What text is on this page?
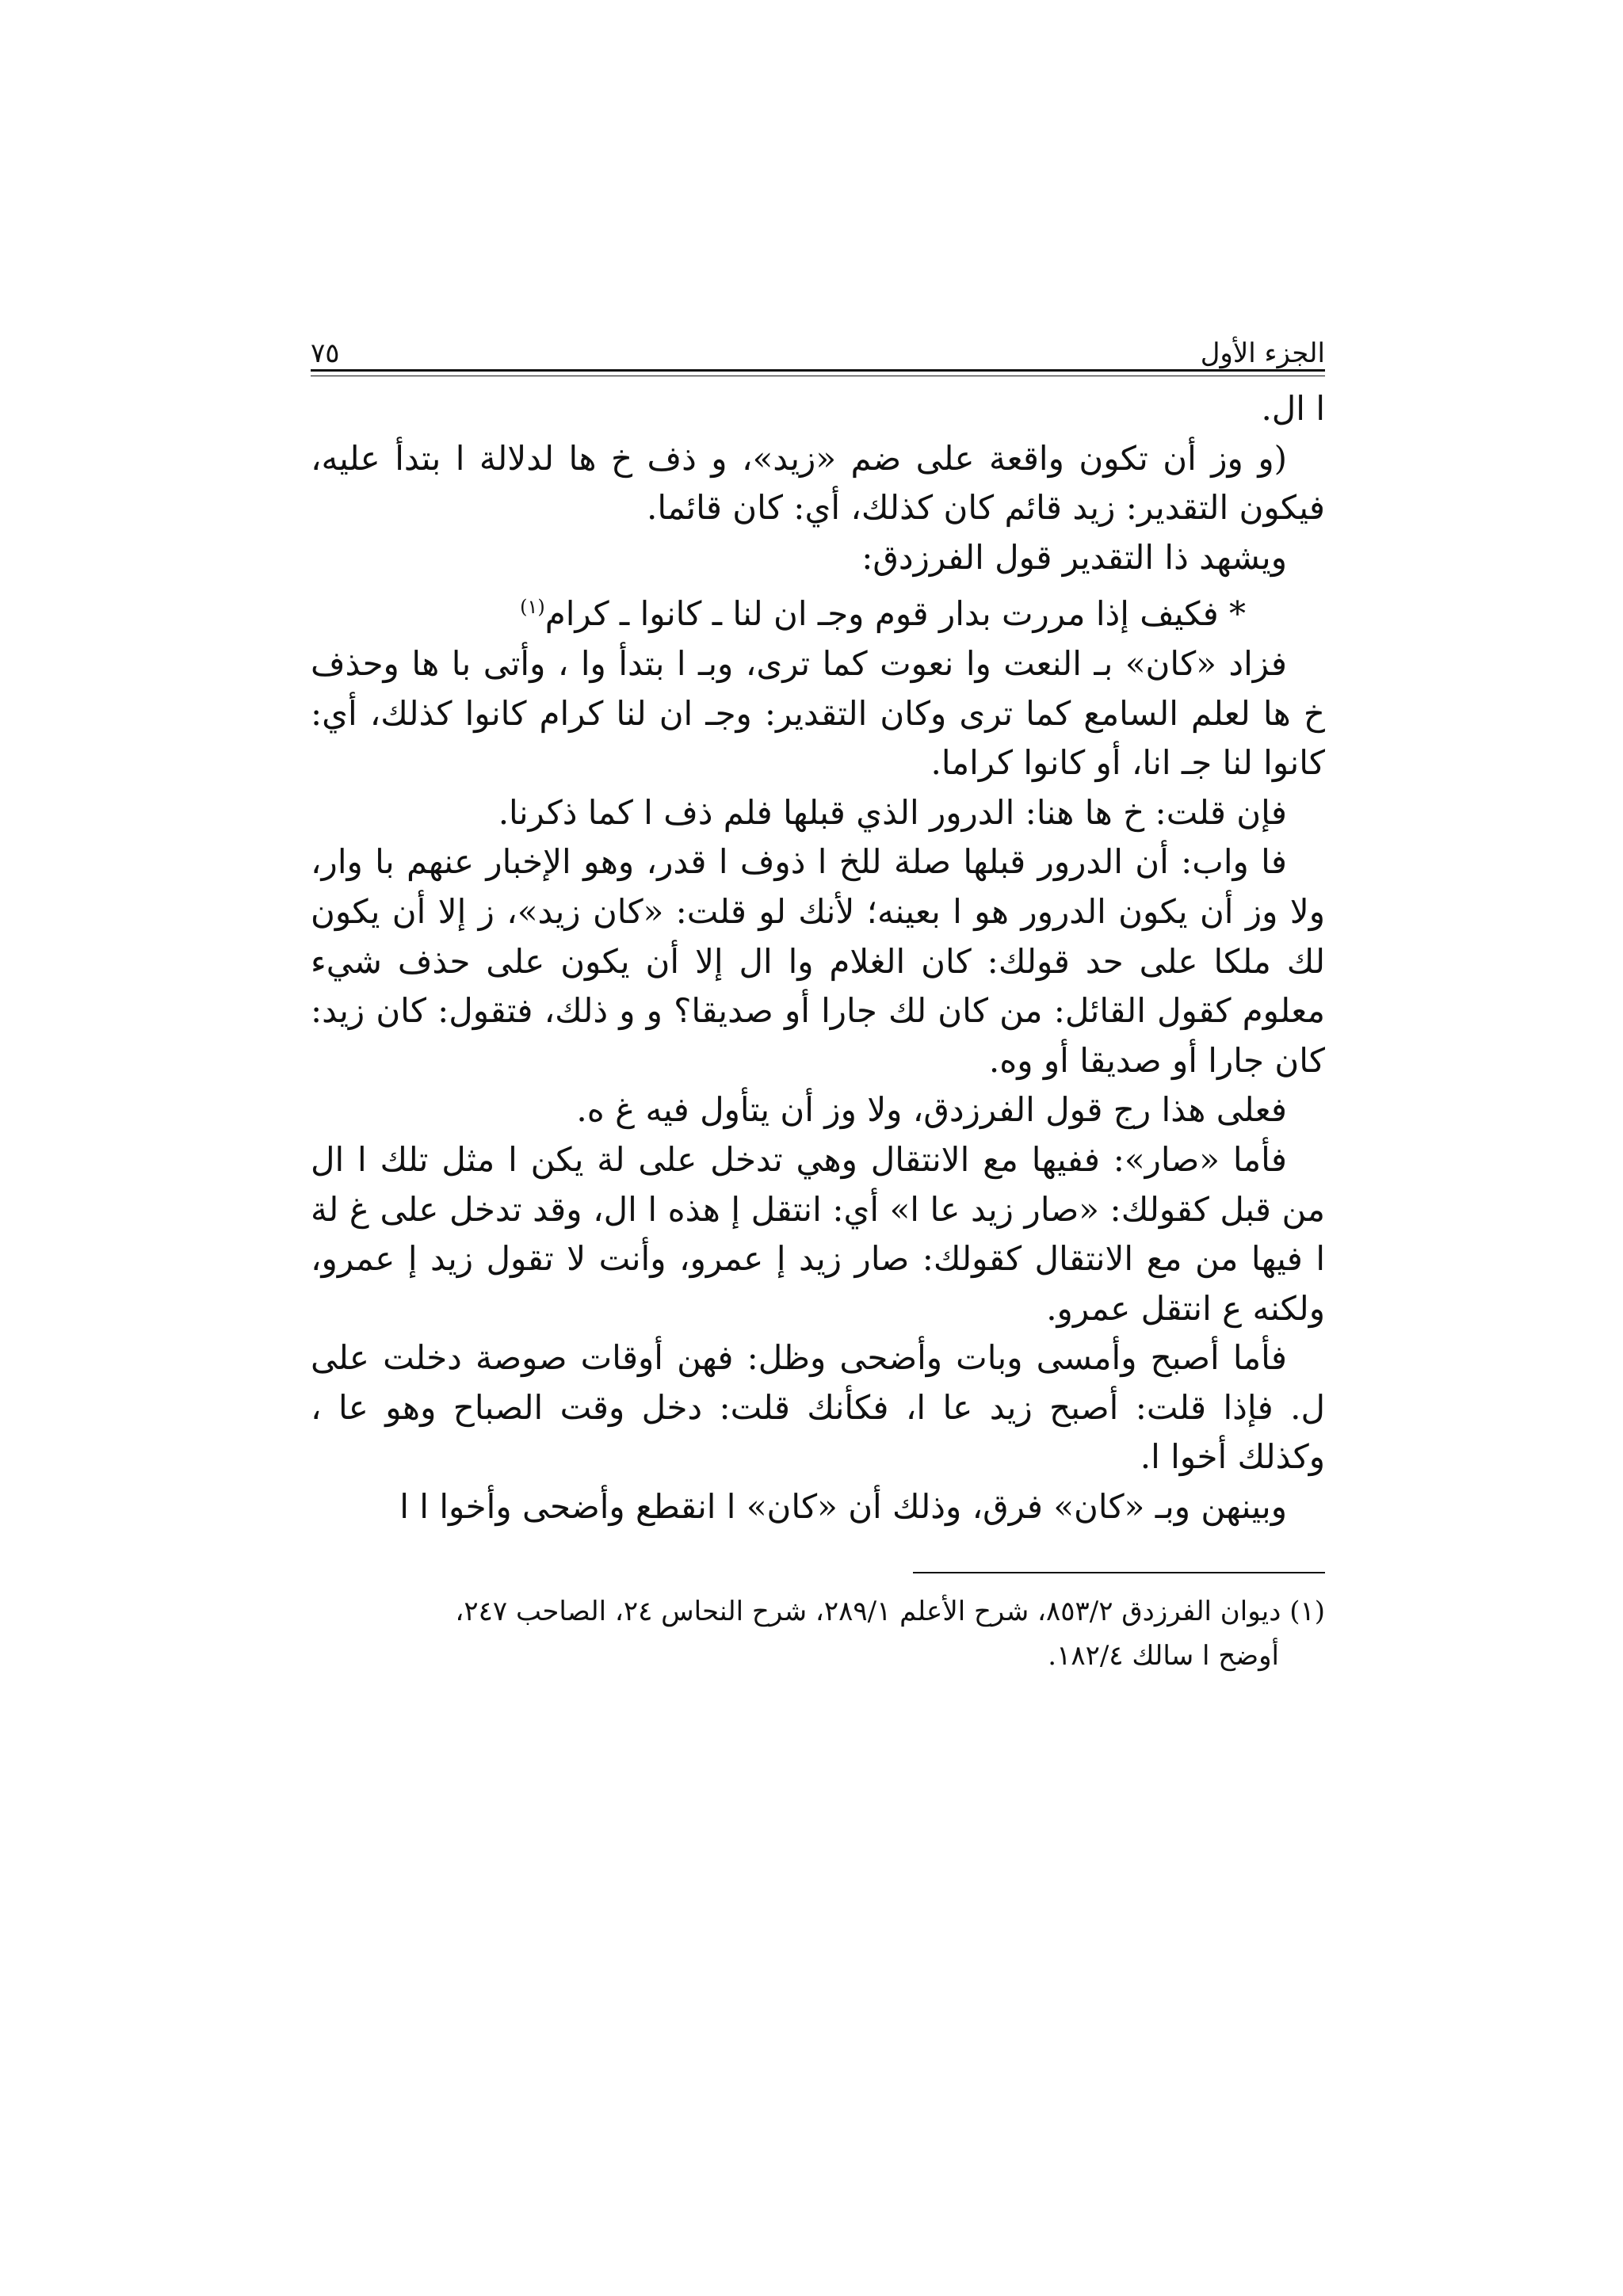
الجزء الأول
٧٥

ا ال.

(و وز أن تكون واقعة على ضم «زيد»، و ذف خ ها لدلالة ا بتدأ عليه، فيكون التقدير: زيد قائم كان كذلك، أي: كان قائما.

ويشهد ذا التقدير قول الفرزدق:

* فكيف إذا مررت بدار قوم وجـ ان لنا ـ كانوا ـ كرام$^{(١)}$

فزاد «كان» بـ النعت وا نعوت كما ترى، وبـ ا بتدأ وا ، وأتى با ها وحذف خ ها لعلم السامع كما ترى وكان التقدير: وجـ ان لنا كرام كانوا كذلك، أي: كانوا لنا جـ انا، أو كانوا كراما.

فإن قلت: خ ها هنا: الدرور الذي قبلها فلم ذف ا كما ذكرنا.

فا واب: أن الدرور قبلها صلة للخ ا ذوف ا قدر، وهو الإخبار عنهم با وار، ولا وز أن يكون الدرور هو ا بعينه؛ لأنك لو قلت: «كان زيد»، ز إلا أن يكون لك ملكا على حد قولك: كان الغلام وا ال إلا أن يكون على حذف شيء معلوم كقول القائل: من كان لك جارا أو صديقا؟ و و ذلك، فتقول: كان زيد: كان جارا أو صديقا أو وه.

فعلى هذا رج قول الفرزدق، ولا وز أن يتأول فيه غ ه.

فأما «صار»: ففيها مع الانتقال وهي تدخل على لة يكن ا مثل تلك ا ال من قبل كقولك: «صار زيد عا ا» أي: انتقل إ هذه ا ال، وقد تدخل على غ لة ا فيها من مع الانتقال كقولك: صار زيد إ عمرو، وأنت لا تقول زيد إ عمرو، ولكنه ع انتقل عمرو.

فأما أصبح وأمسى وبات وأضحى وظل: فهن أوقات صوصة دخلت على ل. فإذا قلت: أصبح زيد عا ا، فكأنك قلت: دخل وقت الصباح وهو عا ، وكذلك أخوا ا.

وبينهن وبـ «كان» فرق، وذلك أن «كان» ا انقطع وأضحى وأخوا ا ا

(١) ديوان الفرزدق ٨٥٣/٢، شرح الأعلم ٢٨٩/١، شرح النحاس ٢٤، الصاحب ٢٤٧،

أوضح ا سالك ١٨٢/٤.
